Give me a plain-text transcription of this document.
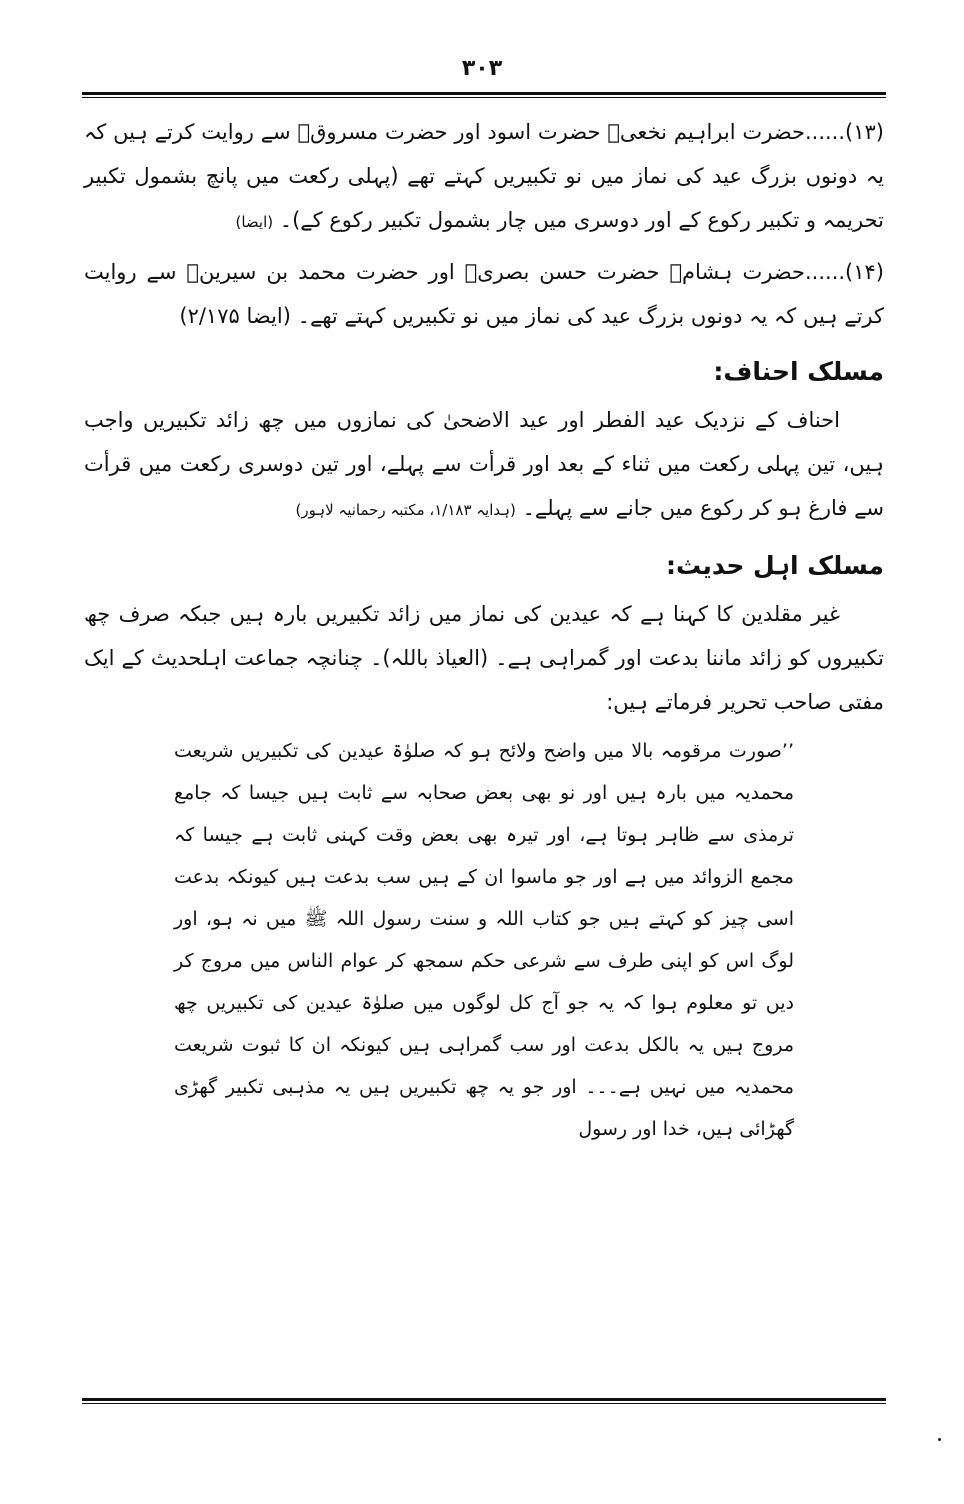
۳۰۳

(۱۳)......حضرت ابراہیم نخعیؒ حضرت اسود اور حضرت مسروقؒ سے روایت کرتے ہیں کہ یہ دونوں بزرگ عید کی نماز میں نو تکبیریں کہتے تھے (پہلی رکعت میں پانچ بشمول تکبیر تحریمہ و تکبیر رکوع کے اور دوسری میں چار بشمول تکبیر رکوع کے)۔ (ایضا)

(۱۴)......حضرت ہشامؒ حضرت حسن بصریؒ اور حضرت محمد بن سیرینؒ سے روایت کرتے ہیں کہ یہ دونوں بزرگ عید کی نماز میں نو تکبیریں کہتے تھے۔ (ایضا ۲/۱۷۵)

مسلک احناف:

احناف کے نزدیک عید الفطر اور عید الاضحیٰ کی نمازوں میں چھ زائد تکبیریں واجب ہیں، تین پہلی رکعت میں ثناء کے بعد اور قرأت سے پہلے، اور تین دوسری رکعت میں قرأت سے فارغ ہو کر رکوع میں جانے سے پہلے۔ (ہدایہ ۱/۱۸۳، مکتبہ رحمانیہ لاہور)

مسلک اہل حدیث:

غیر مقلدین کا کہنا ہے کہ عیدین کی نماز میں زائد تکبیریں بارہ ہیں جبکہ صرف چھ تکبیروں کو زائد ماننا بدعت اور گمراہی ہے۔ (العیاذ باللہ)۔ چنانچہ جماعت اہلحدیث کے ایک مفتی صاحب تحریر فرماتے ہیں:

’’صورت مرقومہ بالا میں واضح ولائح ہو کہ صلوٰۃ عیدین کی تکبیریں شریعت محمدیہ میں بارہ ہیں اور نو بھی بعض صحابہ سے ثابت ہیں جیسا کہ جامع ترمذی سے ظاہر ہوتا ہے، اور تیرہ بھی بعض وقت کہنی ثابت ہے جیسا کہ مجمع الزوائد میں ہے اور جو ماسوا ان کے ہیں سب بدعت ہیں کیونکہ بدعت اسی چیز کو کہتے ہیں جو کتاب اللہ و سنت رسول اللہ ﷺ میں نہ ہو، اور لوگ اس کو اپنی طرف سے شرعی حکم سمجھ کر عوام الناس میں مروج کر دیں تو معلوم ہوا کہ یہ جو آج کل لوگوں میں صلوٰۃ عیدین کی تکبیریں چھ مروج ہیں یہ بالکل بدعت اور سب گمراہی ہیں کیونکہ ان کا ثبوت شریعت محمدیہ میں نہیں ہے۔۔۔ اور جو یہ چھ تکبیریں ہیں یہ مذہبی تکبیر گھڑی گھڑائی ہیں، خدا اور رسول
